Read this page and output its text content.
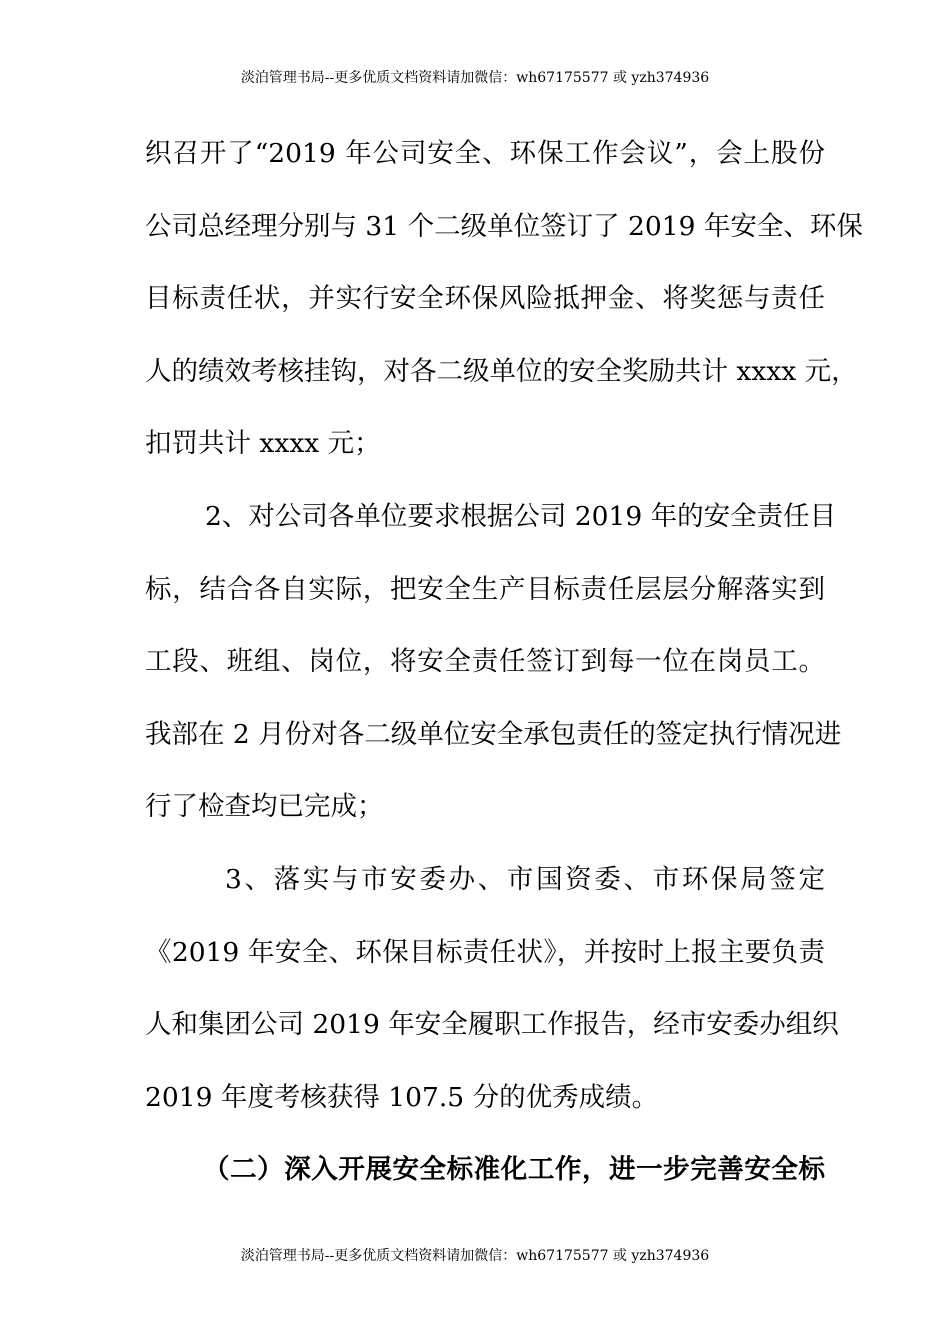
淡泊管理书局--更多优质文档资料请加微信：wh67175577 或 yzh374936
织召开了“2019 年公司安全、环保工作会议”，会上股份
公司总经理分别与 31 个二级单位签订了 2019 年安全、环保
目标责任状，并实行安全环保风险抵押金、将奖惩与责任
人的绩效考核挂钩，对各二级单位的安全奖励共计 xxxx 元，
扣罚共计 xxxx 元；
2、对公司各单位要求根据公司 2019 年的安全责任目
标，结合各自实际，把安全生产目标责任层层分解落实到
工段、班组、岗位，将安全责任签订到每一位在岗员工。
我部在 2 月份对各二级单位安全承包责任的签定执行情况进
行了检查均已完成；
3、落实与市安委办、市国资委、市环保局签定
《2019 年安全、环保目标责任状》，并按时上报主要负责
人和集团公司 2019 年安全履职工作报告，经市安委办组织
2019 年度考核获得 107.5 分的优秀成绩。
（二）深入开展安全标准化工作，进一步完善安全标
淡泊管理书局--更多优质文档资料请加微信：wh67175577 或 yzh374936
